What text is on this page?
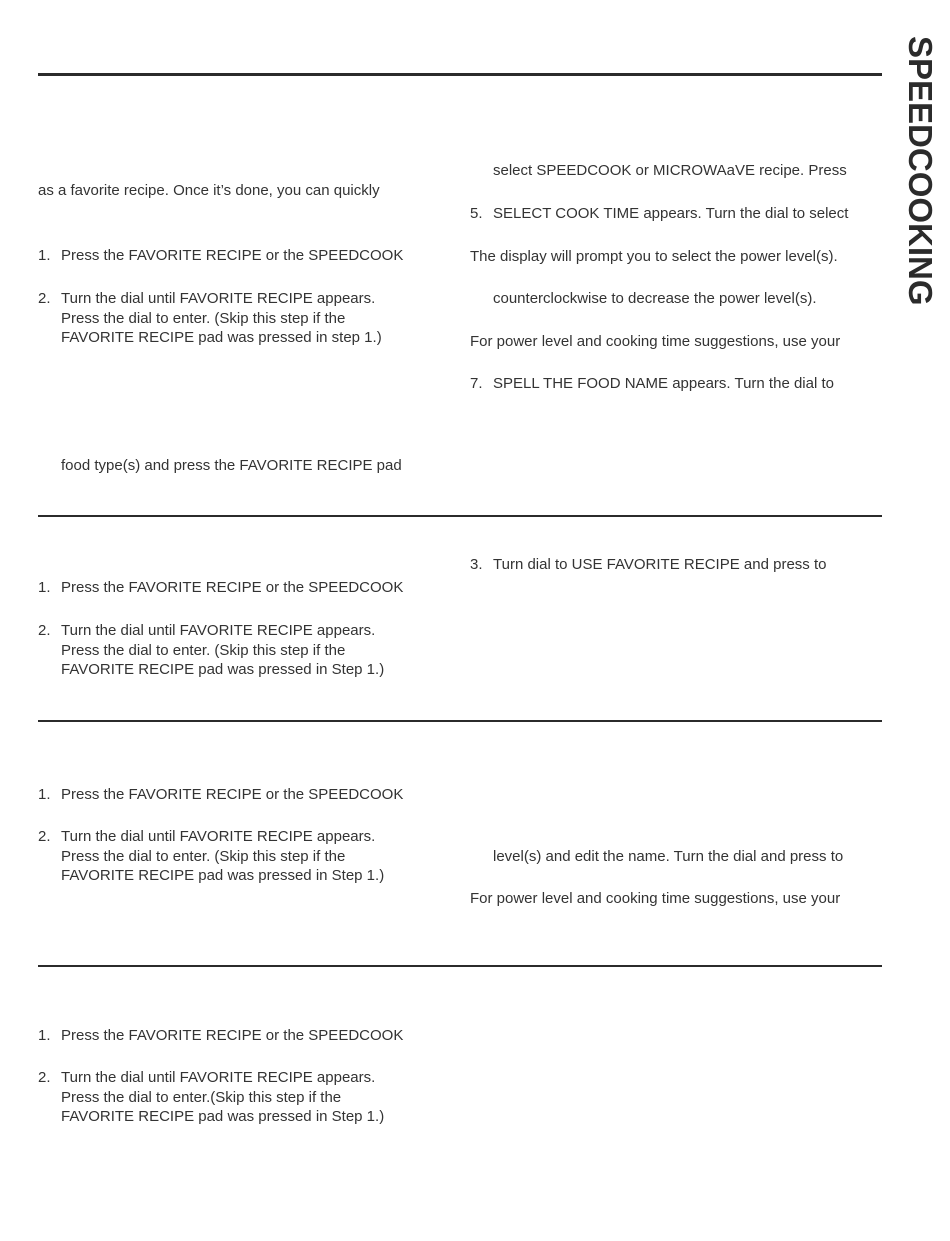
SPEEDCOOKING
as a favorite recipe. Once it’s done, you can quickly
1. Press the FAVORITE RECIPE or the SPEEDCOOK
2. Turn the dial until FAVORITE RECIPE appears.
Press the dial to enter. (Skip this step if the
FAVORITE RECIPE pad was pressed in step 1.)
food type(s) and press the FAVORITE RECIPE pad
select SPEEDCOOK or MICROWAaVE recipe. Press
5. SELECT COOK TIME appears. Turn the dial to select
The display will prompt you to select the power level(s).
counterclockwise to decrease the power level(s).
For power level and cooking time suggestions, use your
7. SPELL THE FOOD NAME appears. Turn the dial to
1. Press the FAVORITE RECIPE or the SPEEDCOOK
2. Turn the dial until FAVORITE RECIPE appears.
Press the dial to enter. (Skip this step if the
FAVORITE RECIPE pad was pressed in Step 1.)
3. Turn dial to USE FAVORITE RECIPE and press to
1. Press the FAVORITE RECIPE or the SPEEDCOOK
2. Turn the dial until FAVORITE RECIPE appears.
Press the dial to enter. (Skip this step if the
FAVORITE RECIPE pad was pressed in Step 1.)
level(s) and edit the name. Turn the dial and press to
For power level and cooking time suggestions, use your
1. Press the FAVORITE RECIPE or the SPEEDCOOK
2. Turn the dial until FAVORITE RECIPE appears.
Press the dial to enter.(Skip this step if the
FAVORITE RECIPE pad was pressed in Step 1.)
